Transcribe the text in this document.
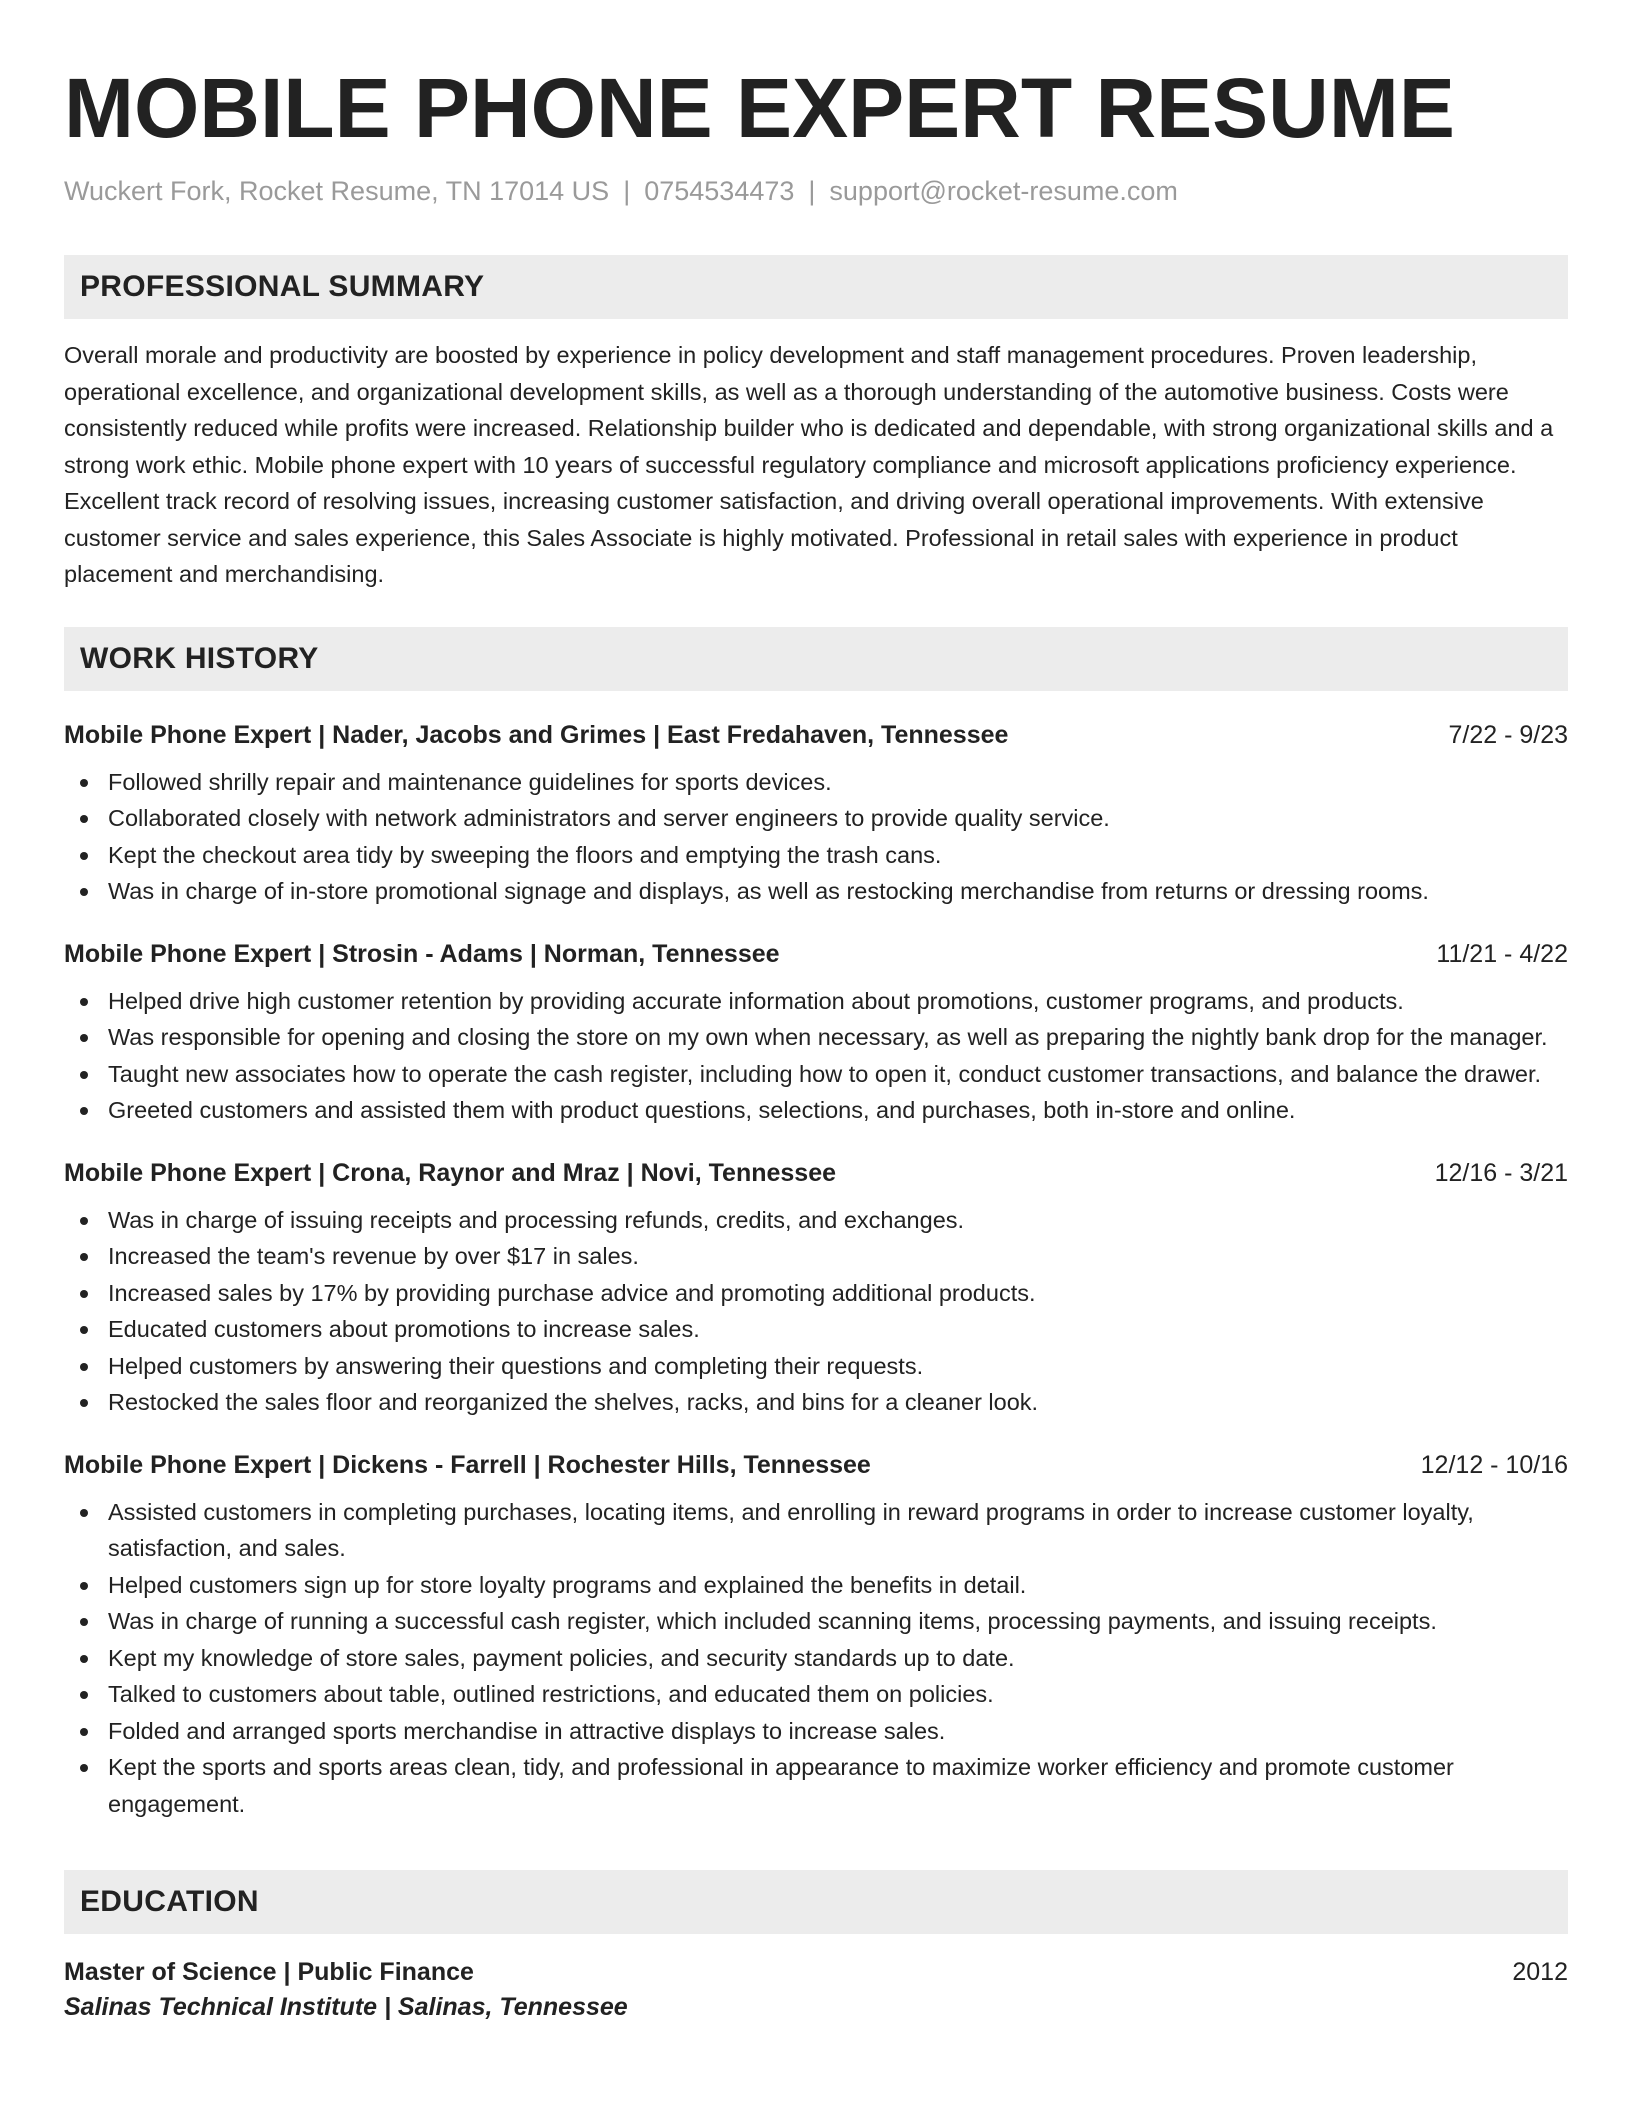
MOBILE PHONE EXPERT RESUME
Wuckert Fork, Rocket Resume, TN 17014 US | 0754534473 | support@rocket-resume.com
PROFESSIONAL SUMMARY
Overall morale and productivity are boosted by experience in policy development and staff management procedures. Proven leadership, operational excellence, and organizational development skills, as well as a thorough understanding of the automotive business. Costs were consistently reduced while profits were increased. Relationship builder who is dedicated and dependable, with strong organizational skills and a strong work ethic. Mobile phone expert with 10 years of successful regulatory compliance and microsoft applications proficiency experience. Excellent track record of resolving issues, increasing customer satisfaction, and driving overall operational improvements. With extensive customer service and sales experience, this Sales Associate is highly motivated. Professional in retail sales with experience in product placement and merchandising.
WORK HISTORY
Mobile Phone Expert | Nader, Jacobs and Grimes | East Fredahaven, Tennessee	7/22 - 9/23
Followed shrilly repair and maintenance guidelines for sports devices.
Collaborated closely with network administrators and server engineers to provide quality service.
Kept the checkout area tidy by sweeping the floors and emptying the trash cans.
Was in charge of in-store promotional signage and displays, as well as restocking merchandise from returns or dressing rooms.
Mobile Phone Expert | Strosin - Adams | Norman, Tennessee	11/21 - 4/22
Helped drive high customer retention by providing accurate information about promotions, customer programs, and products.
Was responsible for opening and closing the store on my own when necessary, as well as preparing the nightly bank drop for the manager.
Taught new associates how to operate the cash register, including how to open it, conduct customer transactions, and balance the drawer.
Greeted customers and assisted them with product questions, selections, and purchases, both in-store and online.
Mobile Phone Expert | Crona, Raynor and Mraz | Novi, Tennessee	12/16 - 3/21
Was in charge of issuing receipts and processing refunds, credits, and exchanges.
Increased the team's revenue by over $17 in sales.
Increased sales by 17% by providing purchase advice and promoting additional products.
Educated customers about promotions to increase sales.
Helped customers by answering their questions and completing their requests.
Restocked the sales floor and reorganized the shelves, racks, and bins for a cleaner look.
Mobile Phone Expert | Dickens - Farrell | Rochester Hills, Tennessee	12/12 - 10/16
Assisted customers in completing purchases, locating items, and enrolling in reward programs in order to increase customer loyalty, satisfaction, and sales.
Helped customers sign up for store loyalty programs and explained the benefits in detail.
Was in charge of running a successful cash register, which included scanning items, processing payments, and issuing receipts.
Kept my knowledge of store sales, payment policies, and security standards up to date.
Talked to customers about table, outlined restrictions, and educated them on policies.
Folded and arranged sports merchandise in attractive displays to increase sales.
Kept the sports and sports areas clean, tidy, and professional in appearance to maximize worker efficiency and promote customer engagement.
EDUCATION
Master of Science | Public Finance	2012
Salinas Technical Institute | Salinas, Tennessee
